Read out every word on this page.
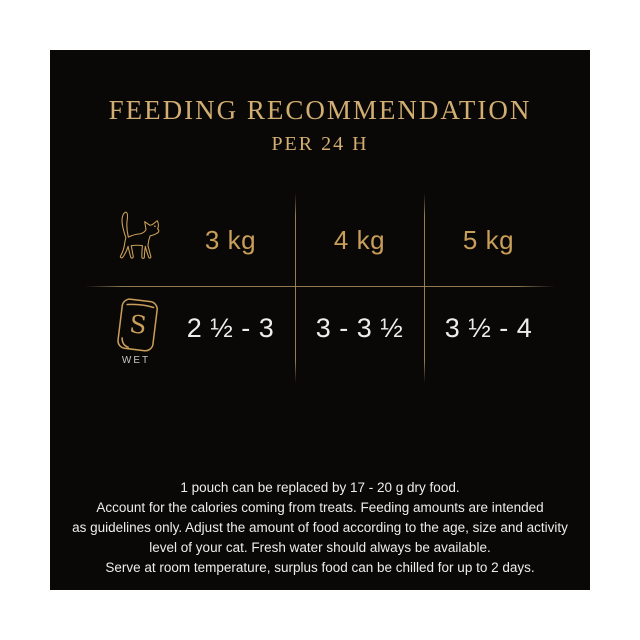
FEEDING RECOMMENDATION
PER 24 H
3 kg	4 kg	5 kg
S
WET
2 ½ - 3 3 - 3 ½ 3 ½ - 4
1 pouch can be replaced by 17 - 20 g dry food.
Account for the calories coming from treats. Feeding amounts are intended
as guidelines only. Adjust the amount of food according to the age, size and activity
level of your cat. Fresh water should always be available.
Serve at room temperature, surplus food can be chilled for up to 2 days.
